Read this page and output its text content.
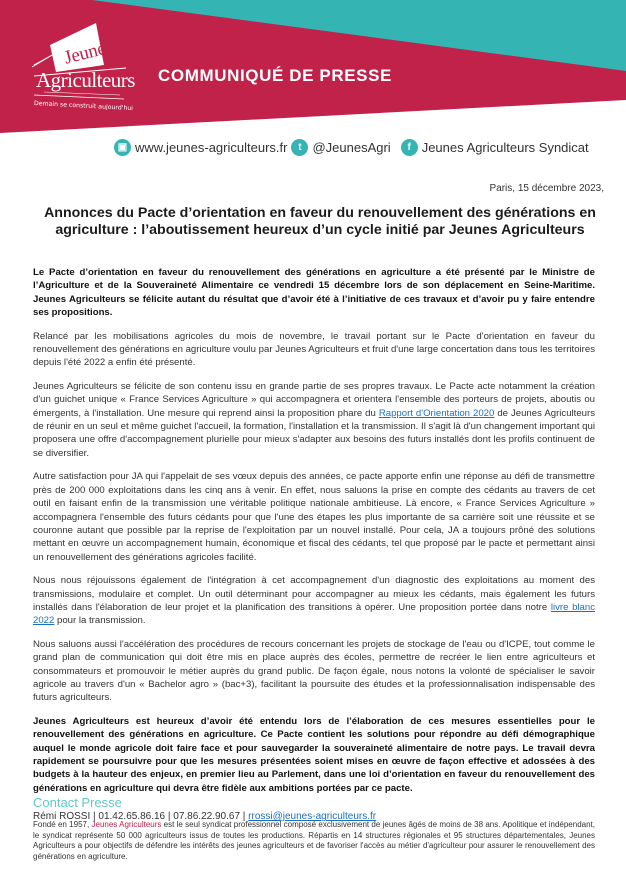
Jeunes
Agriculteurs
Demain se construit aujourd'hui
COMMUNIQUÉ DE PRESSE
▣ www.jeunes-agriculteurs.fr	t @JeunesAgri	f Jeunes Agriculteurs Syndicat
Paris, 15 décembre 2023,
Annonces du Pacte d’orientation en faveur du renouvellement des générations en agriculture : l’aboutissement heureux d’un cycle initié par Jeunes Agriculteurs

Le Pacte d’orientation en faveur du renouvellement des générations en agriculture a été présenté par le Ministre de l’Agriculture et de la Souveraineté Alimentaire ce vendredi 15 décembre lors de son déplacement en Seine-Maritime. Jeunes Agriculteurs se félicite autant du résultat que d’avoir été à l’initiative de ces travaux et d’avoir pu y faire entendre ses propositions.

Relancé par les mobilisations agricoles du mois de novembre, le travail portant sur le Pacte d'orientation en faveur du renouvellement des générations en agriculture voulu par Jeunes Agriculteurs et fruit d'une large concertation dans tous les territoires depuis l'été 2022 a enfin été présenté.

Jeunes Agriculteurs se félicite de son contenu issu en grande partie de ses propres travaux. Le Pacte acte notamment la création d'un guichet unique « France Services Agriculture » qui accompagnera et orientera l'ensemble des porteurs de projets, aboutis ou émergents, à l'installation. Une mesure qui reprend ainsi la proposition phare du Rapport d'Orientation 2020 de Jeunes Agriculteurs de réunir en un seul et même guichet l'accueil, la formation, l'installation et la transmission. Il s'agit là d'un changement important qui proposera une offre d'accompagnement plurielle pour mieux s'adapter aux besoins des futurs installés dont les profils continuent de se diversifier.

Autre satisfaction pour JA qui l'appelait de ses vœux depuis des années, ce pacte apporte enfin une réponse au défi de transmettre près de 200 000 exploitations dans les cinq ans à venir. En effet, nous saluons la prise en compte des cédants au travers de cet outil en faisant enfin de la transmission une véritable politique nationale ambitieuse. Là encore, « France Services Agriculture » accompagnera l'ensemble des futurs cédants pour que l'une des étapes les plus importante de sa carrière soit une réussite et se couronne autant que possible par la reprise de l'exploitation par un nouvel installé. Pour cela, JA a toujours prôné des solutions mettant en œuvre un accompagnement humain, économique et fiscal des cédants, tel que proposé par le pacte et permettant ainsi un renouvellement des générations agricoles facilité.

Nous nous réjouissons également de l'intégration à cet accompagnement d'un diagnostic des exploitations au moment des transmissions, modulaire et complet. Un outil déterminant pour accompagner au mieux les cédants, mais également les futurs installés dans l'élaboration de leur projet et la planification des transitions à opérer. Une proposition portée dans notre livre blanc 2022 pour la transmission.

Nous saluons aussi l'accélération des procédures de recours concernant les projets de stockage de l'eau ou d'ICPE, tout comme le grand plan de communication qui doit être mis en place auprès des écoles, permettre de recréer le lien entre agriculteurs et consommateurs et promouvoir le métier auprès du grand public. De façon égale, nous notons la volonté de spécialiser le savoir agricole au travers d'un « Bachelor agro » (bac+3), facilitant la poursuite des études et la professionnalisation indispensable des futurs agriculteurs.

Jeunes Agriculteurs est heureux d’avoir été entendu lors de l’élaboration de ces mesures essentielles pour le renouvellement des générations en agriculture. Ce Pacte contient les solutions pour répondre au défi démographique auquel le monde agricole doit faire face et pour sauvegarder la souveraineté alimentaire de notre pays. Le travail devra rapidement se poursuivre pour que les mesures présentées soient mises en œuvre de façon effective et adossées à des budgets à la hauteur des enjeux, en premier lieu au Parlement, dans une loi d’orientation en faveur du renouvellement des générations en agriculture qui devra être fidèle aux ambitions portées par ce pacte.

Contact Presse
Rémi ROSSI | 01.42.65.86.16 | 07.86.22.90.67 | rrossi@jeunes-agriculteurs.fr
Fondé en 1957, Jeunes Agriculteurs est le seul syndicat professionnel composé exclusivement de jeunes âgés de moins de 38 ans. Apolitique et indépendant, le syndicat représente 50 000 agriculteurs issus de toutes les productions. Répartis en 14 structures régionales et 95 structures départementales, Jeunes Agriculteurs a pour objectifs de défendre les intérêts des jeunes agriculteurs et de favoriser l'accès au métier d'agriculteur pour assurer le renouvellement des générations en agriculture.
